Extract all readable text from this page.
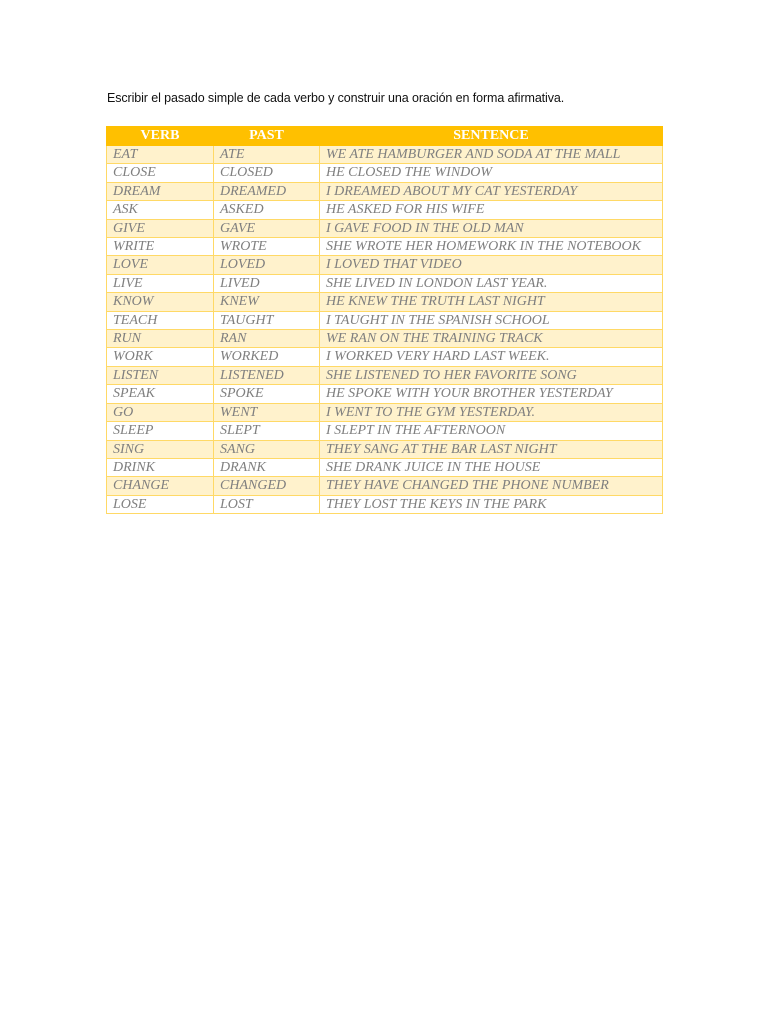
Escribir el pasado simple de cada verbo y construir una oración en forma afirmativa.
VERB	PAST	SENTENCE
EAT	ATE	WE ATE HAMBURGER AND SODA AT THE MALL
CLOSE	CLOSED	HE CLOSED THE WINDOW
DREAM	DREAMED	I DREAMED ABOUT MY CAT YESTERDAY
ASK	ASKED	HE ASKED FOR HIS WIFE
GIVE	GAVE	I GAVE FOOD IN THE OLD MAN
WRITE	WROTE	SHE WROTE HER HOMEWORK IN THE NOTEBOOK
LOVE	LOVED	I LOVED THAT VIDEO
LIVE	LIVED	SHE LIVED IN LONDON LAST YEAR.
KNOW	KNEW	HE KNEW THE TRUTH LAST NIGHT
TEACH	TAUGHT	I TAUGHT IN THE SPANISH SCHOOL
RUN	RAN	WE RAN ON THE TRAINING TRACK
WORK	WORKED	I WORKED VERY HARD LAST WEEK.
LISTEN	LISTENED	SHE LISTENED TO HER FAVORITE SONG
SPEAK	SPOKE	HE SPOKE WITH YOUR BROTHER YESTERDAY
GO	WENT	I WENT TO THE GYM YESTERDAY.
SLEEP	SLEPT	I SLEPT IN THE AFTERNOON
SING	SANG	THEY SANG AT THE BAR LAST NIGHT
DRINK	DRANK	SHE DRANK JUICE IN THE HOUSE
CHANGE	CHANGED	THEY HAVE CHANGED THE PHONE NUMBER
LOSE	LOST	THEY LOST THE KEYS IN THE PARK
